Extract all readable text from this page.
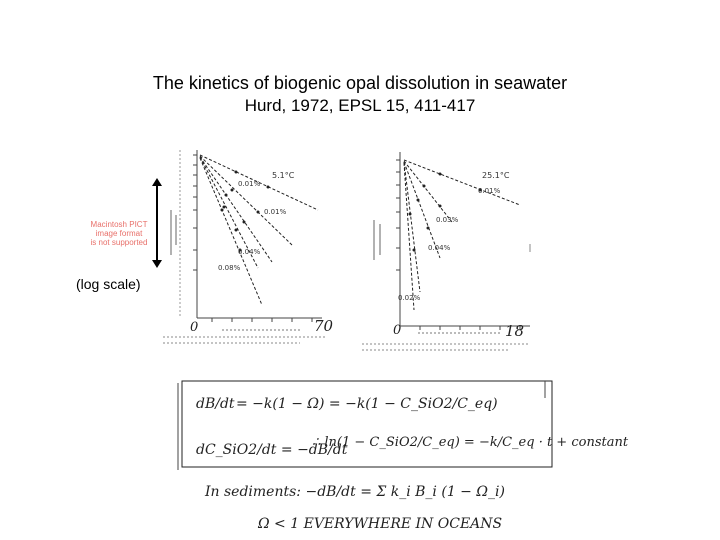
The kinetics of biogenic opal dissolution in seawater
Hurd, 1972, EPSL 15, 411-417
Macintosh PICT
image format
is not supported
(log scale)
5.1°C
0.01%
0.01%
0.04%
0.08%
0	70
25.1°C
0.01%
0.03%
0.04%
0.02%
0	18
dB/dt = −k(1 − Ω) = −k(1 − C_SiO2/C_eq)
dC_SiO2/dt = −dB/dt
∴ ln(1 − C_SiO2/C_eq) = −k/C_eq · t + constant
In sediments: −dB/dt = Σ k_i B_i (1 − Ω_i)
Ω < 1 EVERYWHERE IN OCEANS
